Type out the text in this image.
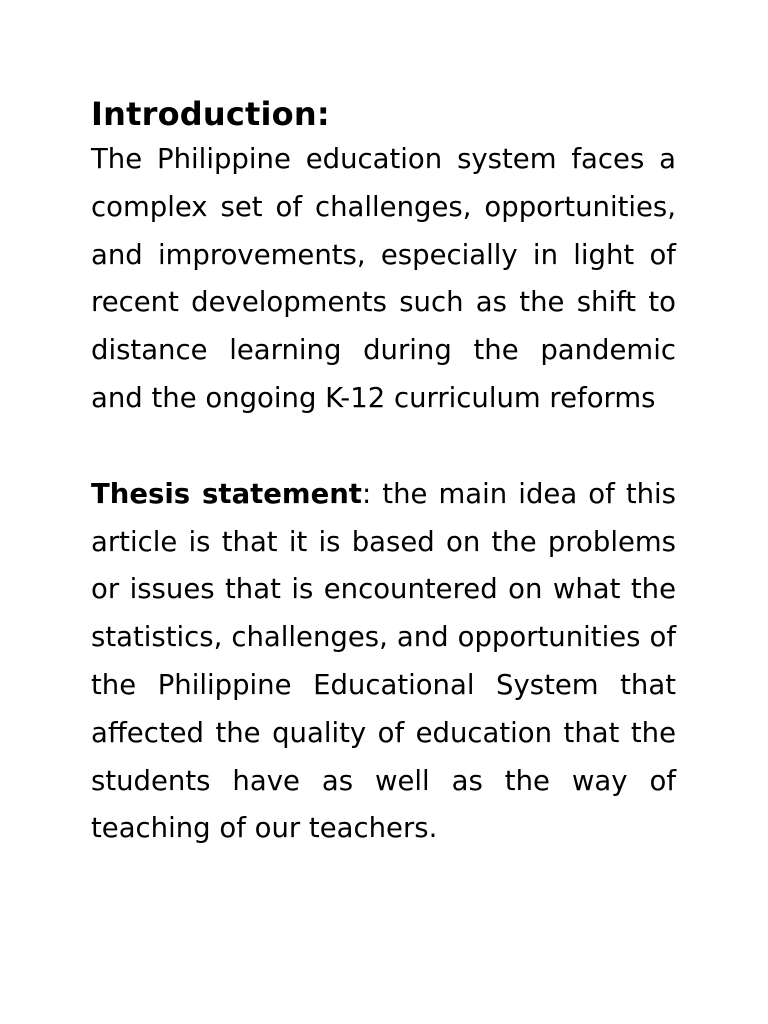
Introduction:

The Philippine education system faces a complex set of challenges, opportunities, and improvements, especially in light of recent developments such as the shift to distance learning during the pandemic and the ongoing K-12 curriculum reforms

Thesis statement: the main idea of this article is that it is based on the problems or issues that is encountered on what the statistics, challenges, and opportunities of the Philippine Educational System that affected the quality of education that the students have as well as the way of teaching of our teachers.
